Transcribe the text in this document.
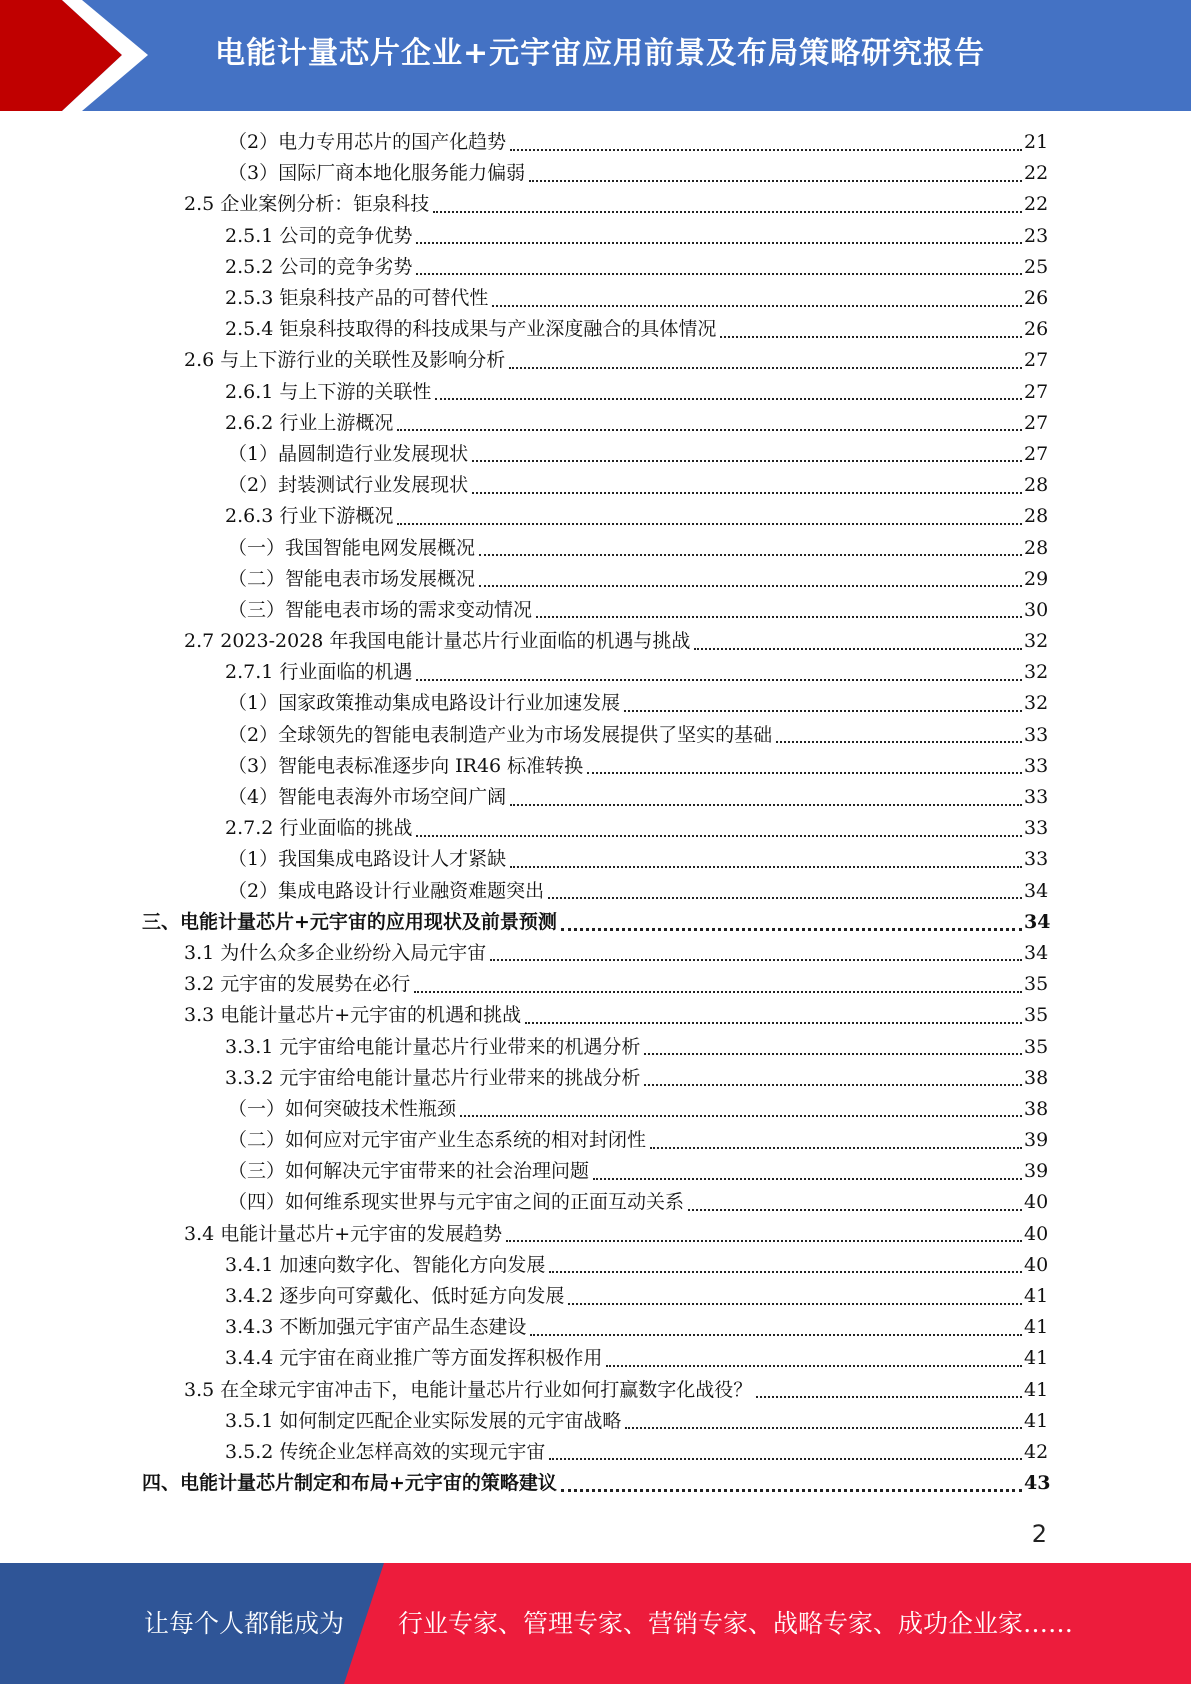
电能计量芯片企业+元宇宙应用前景及布局策略研究报告
（2）电力专用芯片的国产化趋势	21
（3）国际厂商本地化服务能力偏弱	22
2.5 企业案例分析：钜泉科技	22
2.5.1 公司的竞争优势	23
2.5.2 公司的竞争劣势	25
2.5.3 钜泉科技产品的可替代性	26
2.5.4 钜泉科技取得的科技成果与产业深度融合的具体情况	26
2.6 与上下游行业的关联性及影响分析	27
2.6.1 与上下游的关联性	27
2.6.2 行业上游概况	27
（1）晶圆制造行业发展现状	27
（2）封装测试行业发展现状	28
2.6.3 行业下游概况	28
（一）我国智能电网发展概况	28
（二）智能电表市场发展概况	29
（三）智能电表市场的需求变动情况	30
2.7 2023-2028 年我国电能计量芯片行业面临的机遇与挑战	32
2.7.1 行业面临的机遇	32
（1）国家政策推动集成电路设计行业加速发展	32
（2）全球领先的智能电表制造产业为市场发展提供了坚实的基础	33
（3）智能电表标准逐步向 IR46 标准转换	33
（4）智能电表海外市场空间广阔	33
2.7.2 行业面临的挑战	33
（1）我国集成电路设计人才紧缺	33
（2）集成电路设计行业融资难题突出	34
三、电能计量芯片+元宇宙的应用现状及前景预测	34
3.1 为什么众多企业纷纷入局元宇宙	34
3.2 元宇宙的发展势在必行	35
3.3 电能计量芯片+元宇宙的机遇和挑战	35
3.3.1 元宇宙给电能计量芯片行业带来的机遇分析	35
3.3.2 元宇宙给电能计量芯片行业带来的挑战分析	38
（一）如何突破技术性瓶颈	38
（二）如何应对元宇宙产业生态系统的相对封闭性	39
（三）如何解决元宇宙带来的社会治理问题	39
（四）如何维系现实世界与元宇宙之间的正面互动关系	40
3.4 电能计量芯片+元宇宙的发展趋势	40
3.4.1 加速向数字化、智能化方向发展	40
3.4.2 逐步向可穿戴化、低时延方向发展	41
3.4.3 不断加强元宇宙产品生态建设	41
3.4.4 元宇宙在商业推广等方面发挥积极作用	41
3.5 在全球元宇宙冲击下，电能计量芯片行业如何打赢数字化战役？	41
3.5.1 如何制定匹配企业实际发展的元宇宙战略	41
3.5.2 传统企业怎样高效的实现元宇宙	42
四、电能计量芯片制定和布局+元宇宙的策略建议	43
2
让每个人都能成为 行业专家、管理专家、营销专家、战略专家、成功企业家……
